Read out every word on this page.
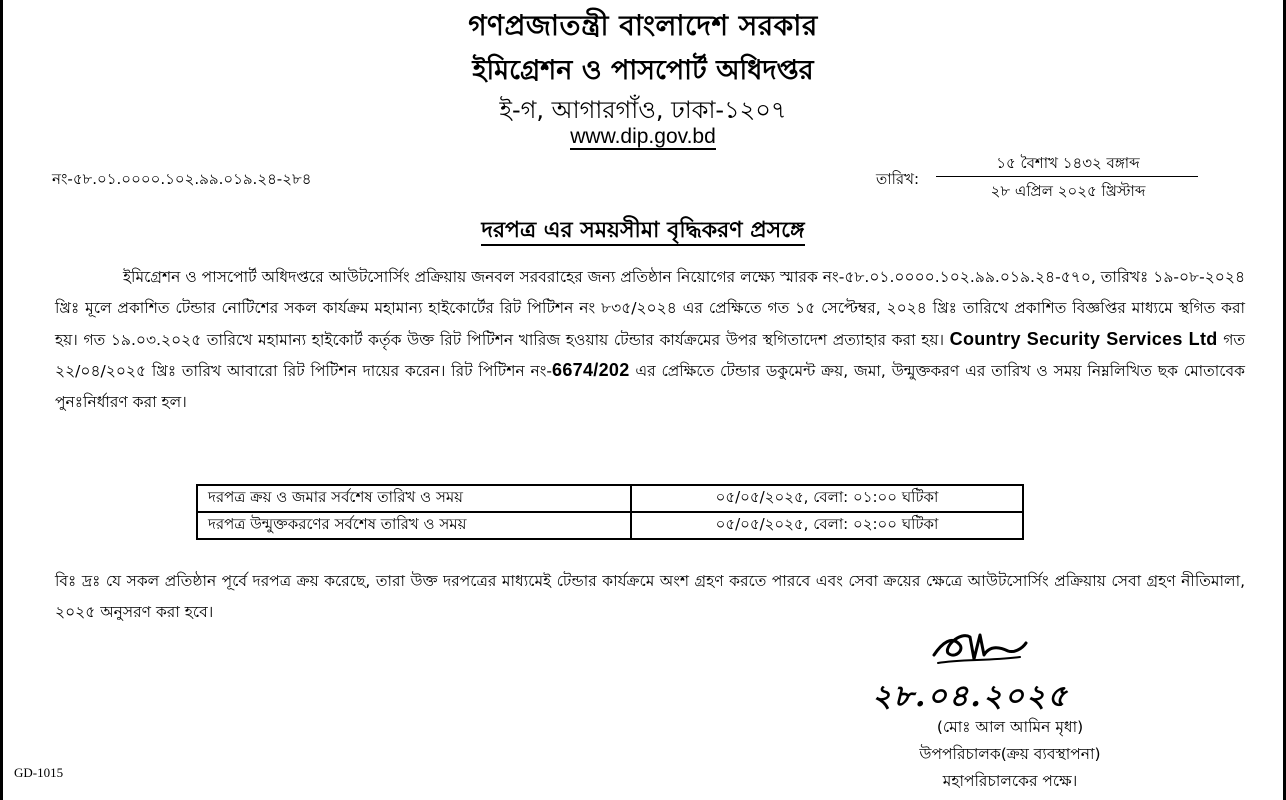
গণপ্রজাতন্ত্রী বাংলাদেশ সরকার
ইমিগ্রেশন ও পাসপোর্ট অধিদপ্তর
ই-গ, আগারগাঁও, ঢাকা-১২০৭
www.dip.gov.bd
নং-৫৮.০১.০০০০.১০২.৯৯.০১৯.২৪-২৮৪	তারিখ:
১৫ বৈশাখ ১৪৩২ বঙ্গাব্দ
২৮ এপ্রিল ২০২৫ খ্রিস্টাব্দ
দরপত্র এর সময়সীমা বৃদ্ধিকরণ প্রসঙ্গে

ইমিগ্রেশন ও পাসপোর্ট অধিদপ্তরে আউটসোর্সিং প্রক্রিয়ায় জনবল সরবরাহের জন্য প্রতিষ্ঠান নিয়োগের লক্ষ্যে স্মারক নং-৫৮.০১.০০০০.১০২.৯৯.০১৯.২৪-৫৭০, তারিখঃ ১৯-০৮-২০২৪ খ্রিঃ মূলে প্রকাশিত টেন্ডার নোটিশের সকল কার্যক্রম মহামান্য হাইকোর্টের রিট পিটিশন নং ৮৩৫/২০২৪ এর প্রেক্ষিতে গত ১৫ সেপ্টেম্বর, ২০২৪ খ্রিঃ তারিখে প্রকাশিত বিজ্ঞপ্তির মাধ্যমে স্থগিত করা হয়। গত ১৯.০৩.২০২৫ তারিখে মহামান্য হাইকোর্ট কর্তৃক উক্ত রিট পিটিশন খারিজ হওয়ায় টেন্ডার কার্যক্রমের উপর স্থগিতাদেশ প্রত্যাহার করা হয়। Country Security Services Ltd গত ২২/০৪/২০২৫ খ্রিঃ তারিখ আবারো রিট পিটিশন দায়ের করেন। রিট পিটিশন নং-6674/202 এর প্রেক্ষিতে টেন্ডার ডকুমেন্ট ক্রয়, জমা, উন্মুক্তকরণ এর তারিখ ও সময় নিম্নলিখিত ছক মোতাবেক পুনঃনির্ধারণ করা হল।

দরপত্র ক্রয় ও জমার সর্বশেষ তারিখ ও সময়	০৫/০৫/২০২৫, বেলা: ০১:০০ ঘটিকা
দরপত্র উন্মুক্তকরণের সর্বশেষ তারিখ ও সময়	০৫/০৫/২০২৫, বেলা: ০২:০০ ঘটিকা

বিঃ দ্রঃ যে সকল প্রতিষ্ঠান পূর্বে দরপত্র ক্রয় করেছে, তারা উক্ত দরপত্রের মাধ্যমেই টেন্ডার কার্যক্রমে অংশ গ্রহণ করতে পারবে এবং সেবা ক্রয়ের ক্ষেত্রে আউটসোর্সিং প্রক্রিয়ায় সেবা গ্রহণ নীতিমালা, ২০২৫ অনুসরণ করা হবে।

২৮.০৪.২০২৫
(মোঃ আল আমিন মৃধা)
উপপরিচালক(ক্রয় ব্যবস্থাপনা)
মহাপরিচালকের পক্ষে।
GD-1015
